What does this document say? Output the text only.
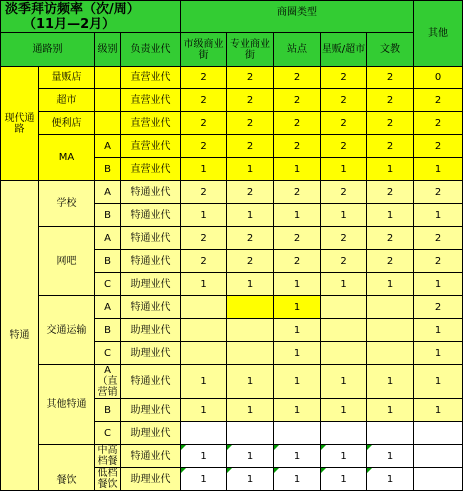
淡季拜访频率（次/周）
（11月—2月）				商圈类型					其他
通路别		级别	负责业代	市级商业街	专业商业街	站点	星贩/超市	文教	
现代通路	量贩店		直营业代	2	2	2	2	2	0
	超市		直营业代	2	2	2	2	2	2
	便利店		直营业代	2	2	2	2	2	2
	MA	A	直营业代	2	2	2	2	2	2
		B	直营业代	1	1	1	1	1	1
特通	学校	A	特通业代	2	2	2	2	2	2
		B	特通业代	1	1	1	1	1	1
	网吧	A	特通业代	2	2	2	2	2	2
		B	特通业代	2	2	2	2	2	2
		C	助理业代	1	1	1	1	1	1
	交通运输	A	特通业代			1			2
		B	助理业代			1			1
		C	助理业代			1			1
	其他特通	A（直营销	特通业代	1	1	1	1	1	1
		B	助理业代	1	1	1	1	1	1
		C	助理业代						
	餐饮	中高档餐	特通业代	1	1	1	1	1	
		低档餐饮	助理业代	1	1	1	1	1	
